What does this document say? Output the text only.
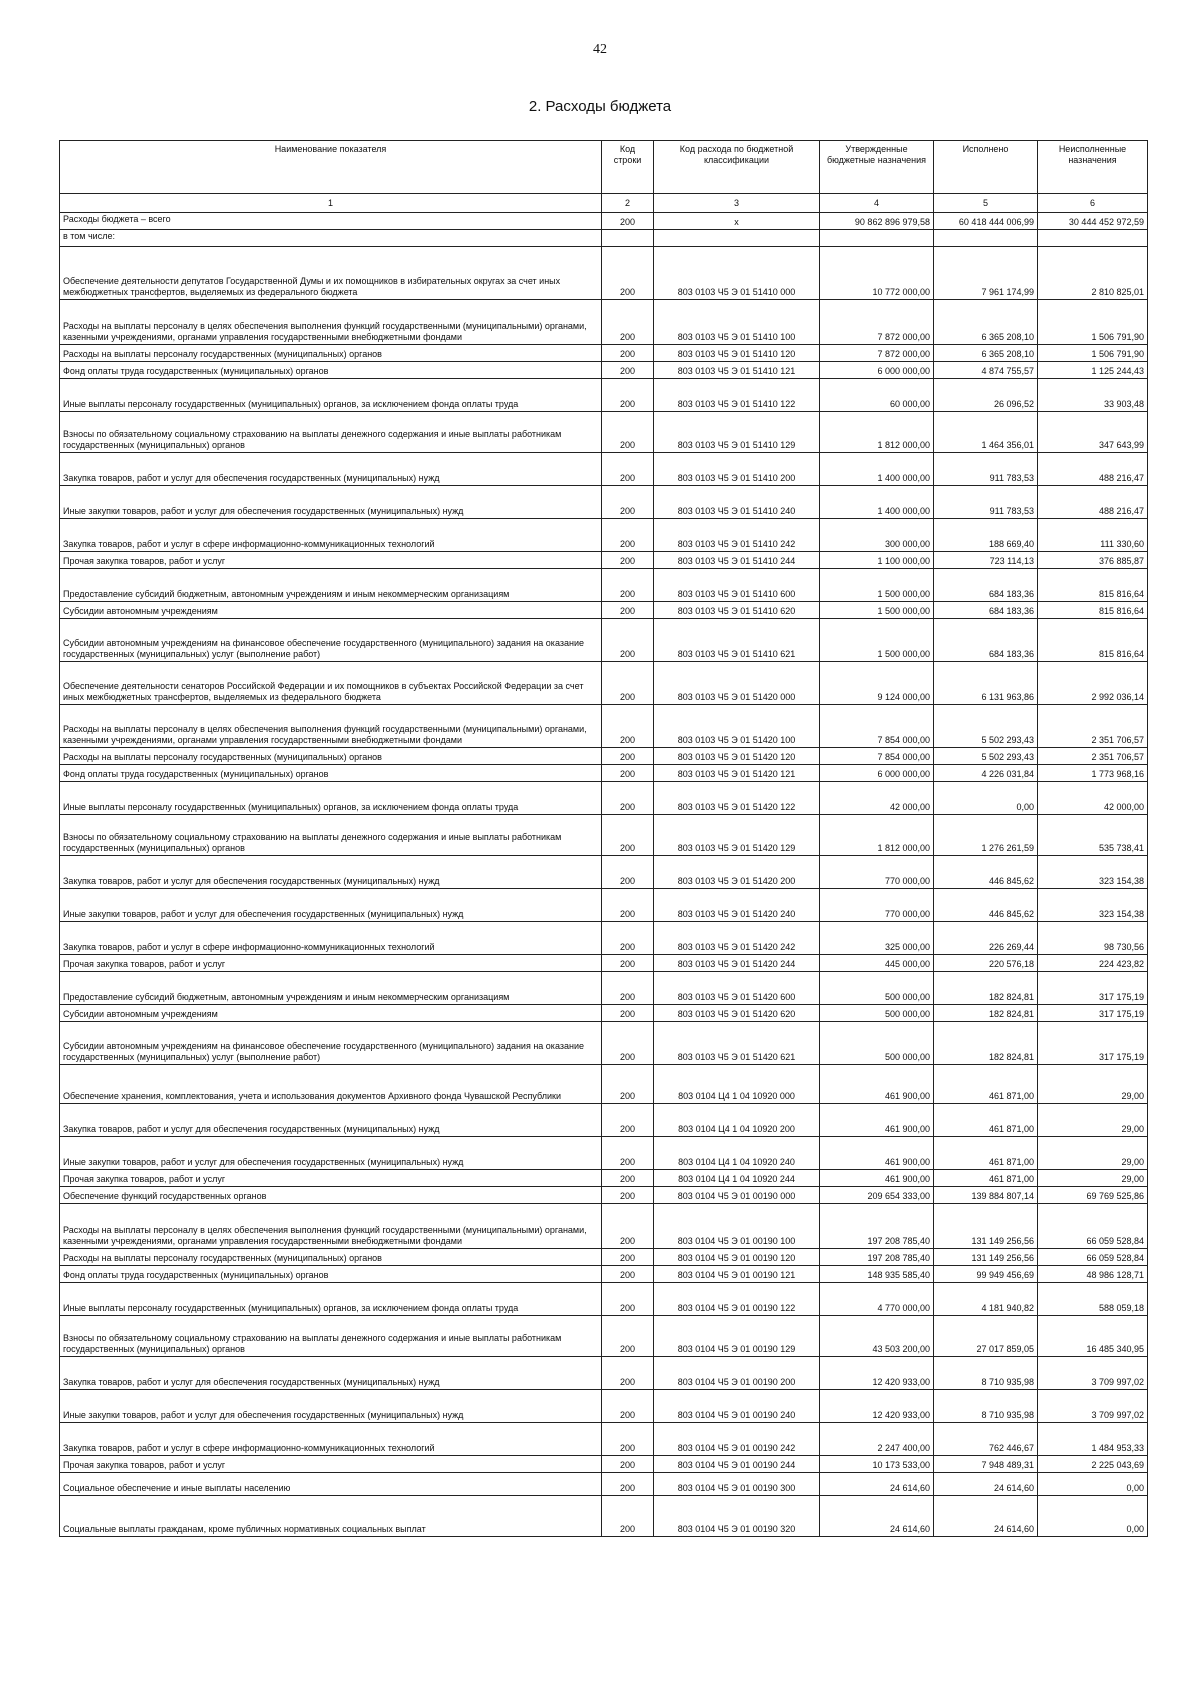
42
2. Расходы бюджета
Наименование показателя	Код строки	Код расхода по бюджетной классификации	Утвержденные бюджетные назначения	Исполнено	Неисполненные назначения
1	2	3	4	5	6
Расходы бюджета – всего	200	x	90 862 896 979,58	60 418 444 006,99	30 444 452 972,59
в том числе:					
Обеспечение деятельности депутатов Государственной Думы и их помощников в избирательных округах за счет иных межбюджетных трансфертов, выделяемых из федерального бюджета	200	803 0103 Ч5 Э 01 51410 000	10 772 000,00	7 961 174,99	2 810 825,01
Расходы на выплаты персоналу в целях обеспечения выполнения функций государственными (муниципальными) органами, казенными учреждениями, органами управления государственными внебюджетными фондами	200	803 0103 Ч5 Э 01 51410 100	7 872 000,00	6 365 208,10	1 506 791,90
Расходы на выплаты персоналу государственных (муниципальных) органов	200	803 0103 Ч5 Э 01 51410 120	7 872 000,00	6 365 208,10	1 506 791,90
Фонд оплаты труда государственных (муниципальных) органов	200	803 0103 Ч5 Э 01 51410 121	6 000 000,00	4 874 755,57	1 125 244,43
Иные выплаты персоналу государственных (муниципальных) органов, за исключением фонда оплаты труда	200	803 0103 Ч5 Э 01 51410 122	60 000,00	26 096,52	33 903,48
Взносы по обязательному социальному страхованию на выплаты денежного содержания и иные выплаты работникам государственных (муниципальных) органов	200	803 0103 Ч5 Э 01 51410 129	1 812 000,00	1 464 356,01	347 643,99
Закупка товаров, работ и услуг для обеспечения государственных (муниципальных) нужд	200	803 0103 Ч5 Э 01 51410 200	1 400 000,00	911 783,53	488 216,47
Иные закупки товаров, работ и услуг для обеспечения государственных (муниципальных) нужд	200	803 0103 Ч5 Э 01 51410 240	1 400 000,00	911 783,53	488 216,47
Закупка товаров, работ и услуг в сфере информационно-коммуникационных технологий	200	803 0103 Ч5 Э 01 51410 242	300 000,00	188 669,40	111 330,60
Прочая закупка товаров, работ и услуг	200	803 0103 Ч5 Э 01 51410 244	1 100 000,00	723 114,13	376 885,87
Предоставление субсидий бюджетным, автономным учреждениям и иным некоммерческим организациям	200	803 0103 Ч5 Э 01 51410 600	1 500 000,00	684 183,36	815 816,64
Субсидии автономным учреждениям	200	803 0103 Ч5 Э 01 51410 620	1 500 000,00	684 183,36	815 816,64
Субсидии автономным учреждениям на финансовое обеспечение государственного (муниципального) задания на оказание государственных (муниципальных) услуг (выполнение работ)	200	803 0103 Ч5 Э 01 51410 621	1 500 000,00	684 183,36	815 816,64
Обеспечение деятельности сенаторов Российской Федерации и их помощников в субъектах Российской Федерации за счет иных межбюджетных трансфертов, выделяемых из федерального бюджета	200	803 0103 Ч5 Э 01 51420 000	9 124 000,00	6 131 963,86	2 992 036,14
Расходы на выплаты персоналу в целях обеспечения выполнения функций государственными (муниципальными) органами, казенными учреждениями, органами управления государственными внебюджетными фондами	200	803 0103 Ч5 Э 01 51420 100	7 854 000,00	5 502 293,43	2 351 706,57
Расходы на выплаты персоналу государственных (муниципальных) органов	200	803 0103 Ч5 Э 01 51420 120	7 854 000,00	5 502 293,43	2 351 706,57
Фонд оплаты труда государственных (муниципальных) органов	200	803 0103 Ч5 Э 01 51420 121	6 000 000,00	4 226 031,84	1 773 968,16
Иные выплаты персоналу государственных (муниципальных) органов, за исключением фонда оплаты труда	200	803 0103 Ч5 Э 01 51420 122	42 000,00	0,00	42 000,00
Взносы по обязательному социальному страхованию на выплаты денежного содержания и иные выплаты работникам государственных (муниципальных) органов	200	803 0103 Ч5 Э 01 51420 129	1 812 000,00	1 276 261,59	535 738,41
Закупка товаров, работ и услуг для обеспечения государственных (муниципальных) нужд	200	803 0103 Ч5 Э 01 51420 200	770 000,00	446 845,62	323 154,38
Иные закупки товаров, работ и услуг для обеспечения государственных (муниципальных) нужд	200	803 0103 Ч5 Э 01 51420 240	770 000,00	446 845,62	323 154,38
Закупка товаров, работ и услуг в сфере информационно-коммуникационных технологий	200	803 0103 Ч5 Э 01 51420 242	325 000,00	226 269,44	98 730,56
Прочая закупка товаров, работ и услуг	200	803 0103 Ч5 Э 01 51420 244	445 000,00	220 576,18	224 423,82
Предоставление субсидий бюджетным, автономным учреждениям и иным некоммерческим организациям	200	803 0103 Ч5 Э 01 51420 600	500 000,00	182 824,81	317 175,19
Субсидии автономным учреждениям	200	803 0103 Ч5 Э 01 51420 620	500 000,00	182 824,81	317 175,19
Субсидии автономным учреждениям на финансовое обеспечение государственного (муниципального) задания на оказание государственных (муниципальных) услуг (выполнение работ)	200	803 0103 Ч5 Э 01 51420 621	500 000,00	182 824,81	317 175,19
Обеспечение хранения, комплектования, учета и использования документов Архивного фонда Чувашской Республики	200	803 0104 Ц4 1 04 10920 000	461 900,00	461 871,00	29,00
Закупка товаров, работ и услуг для обеспечения государственных (муниципальных) нужд	200	803 0104 Ц4 1 04 10920 200	461 900,00	461 871,00	29,00
Иные закупки товаров, работ и услуг для обеспечения государственных (муниципальных) нужд	200	803 0104 Ц4 1 04 10920 240	461 900,00	461 871,00	29,00
Прочая закупка товаров, работ и услуг	200	803 0104 Ц4 1 04 10920 244	461 900,00	461 871,00	29,00
Обеспечение функций государственных органов	200	803 0104 Ч5 Э 01 00190 000	209 654 333,00	139 884 807,14	69 769 525,86
Расходы на выплаты персоналу в целях обеспечения выполнения функций государственными (муниципальными) органами, казенными учреждениями, органами управления государственными внебюджетными фондами	200	803 0104 Ч5 Э 01 00190 100	197 208 785,40	131 149 256,56	66 059 528,84
Расходы на выплаты персоналу государственных (муниципальных) органов	200	803 0104 Ч5 Э 01 00190 120	197 208 785,40	131 149 256,56	66 059 528,84
Фонд оплаты труда государственных (муниципальных) органов	200	803 0104 Ч5 Э 01 00190 121	148 935 585,40	99 949 456,69	48 986 128,71
Иные выплаты персоналу государственных (муниципальных) органов, за исключением фонда оплаты труда	200	803 0104 Ч5 Э 01 00190 122	4 770 000,00	4 181 940,82	588 059,18
Взносы по обязательному социальному страхованию на выплаты денежного содержания и иные выплаты работникам государственных (муниципальных) органов	200	803 0104 Ч5 Э 01 00190 129	43 503 200,00	27 017 859,05	16 485 340,95
Закупка товаров, работ и услуг для обеспечения государственных (муниципальных) нужд	200	803 0104 Ч5 Э 01 00190 200	12 420 933,00	8 710 935,98	3 709 997,02
Иные закупки товаров, работ и услуг для обеспечения государственных (муниципальных) нужд	200	803 0104 Ч5 Э 01 00190 240	12 420 933,00	8 710 935,98	3 709 997,02
Закупка товаров, работ и услуг в сфере информационно-коммуникационных технологий	200	803 0104 Ч5 Э 01 00190 242	2 247 400,00	762 446,67	1 484 953,33
Прочая закупка товаров, работ и услуг	200	803 0104 Ч5 Э 01 00190 244	10 173 533,00	7 948 489,31	2 225 043,69
Социальное обеспечение и иные выплаты населению	200	803 0104 Ч5 Э 01 00190 300	24 614,60	24 614,60	0,00
Социальные выплаты гражданам, кроме публичных нормативных социальных выплат	200	803 0104 Ч5 Э 01 00190 320	24 614,60	24 614,60	0,00
